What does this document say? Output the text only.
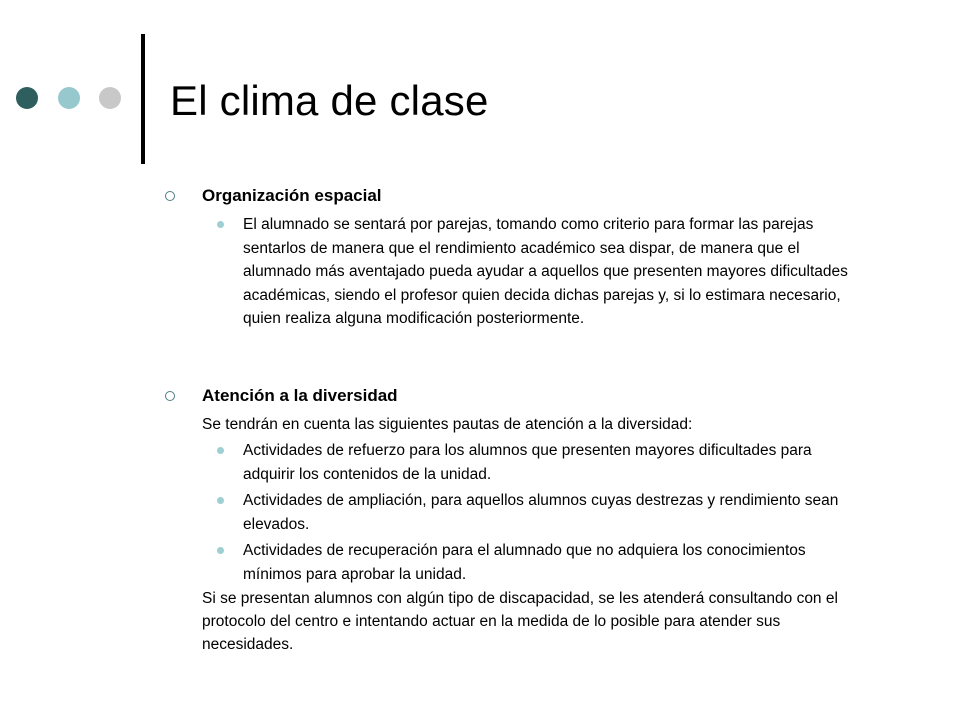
El clima de clase
Organización espacial
El alumnado se sentará por parejas, tomando como criterio para formar las parejas sentarlos de manera que el rendimiento académico sea dispar, de manera que el alumnado más aventajado pueda ayudar a aquellos que presenten mayores dificultades académicas, siendo el profesor quien decida dichas parejas y, si lo estimara necesario, quien realiza alguna modificación posteriormente.
Atención a la diversidad

Se tendrán en cuenta las siguientes pautas de atención a la diversidad:

Actividades de refuerzo para los alumnos que presenten mayores dificultades para adquirir los contenidos de la unidad.
Actividades de ampliación, para aquellos alumnos cuyas destrezas y rendimiento sean elevados.
Actividades de recuperación para el alumnado que no adquiera los conocimientos mínimos para aprobar la unidad.

Si se presentan alumnos con algún tipo de discapacidad, se les atenderá consultando con el protocolo del centro e intentando actuar en la medida de lo posible para atender sus necesidades.
